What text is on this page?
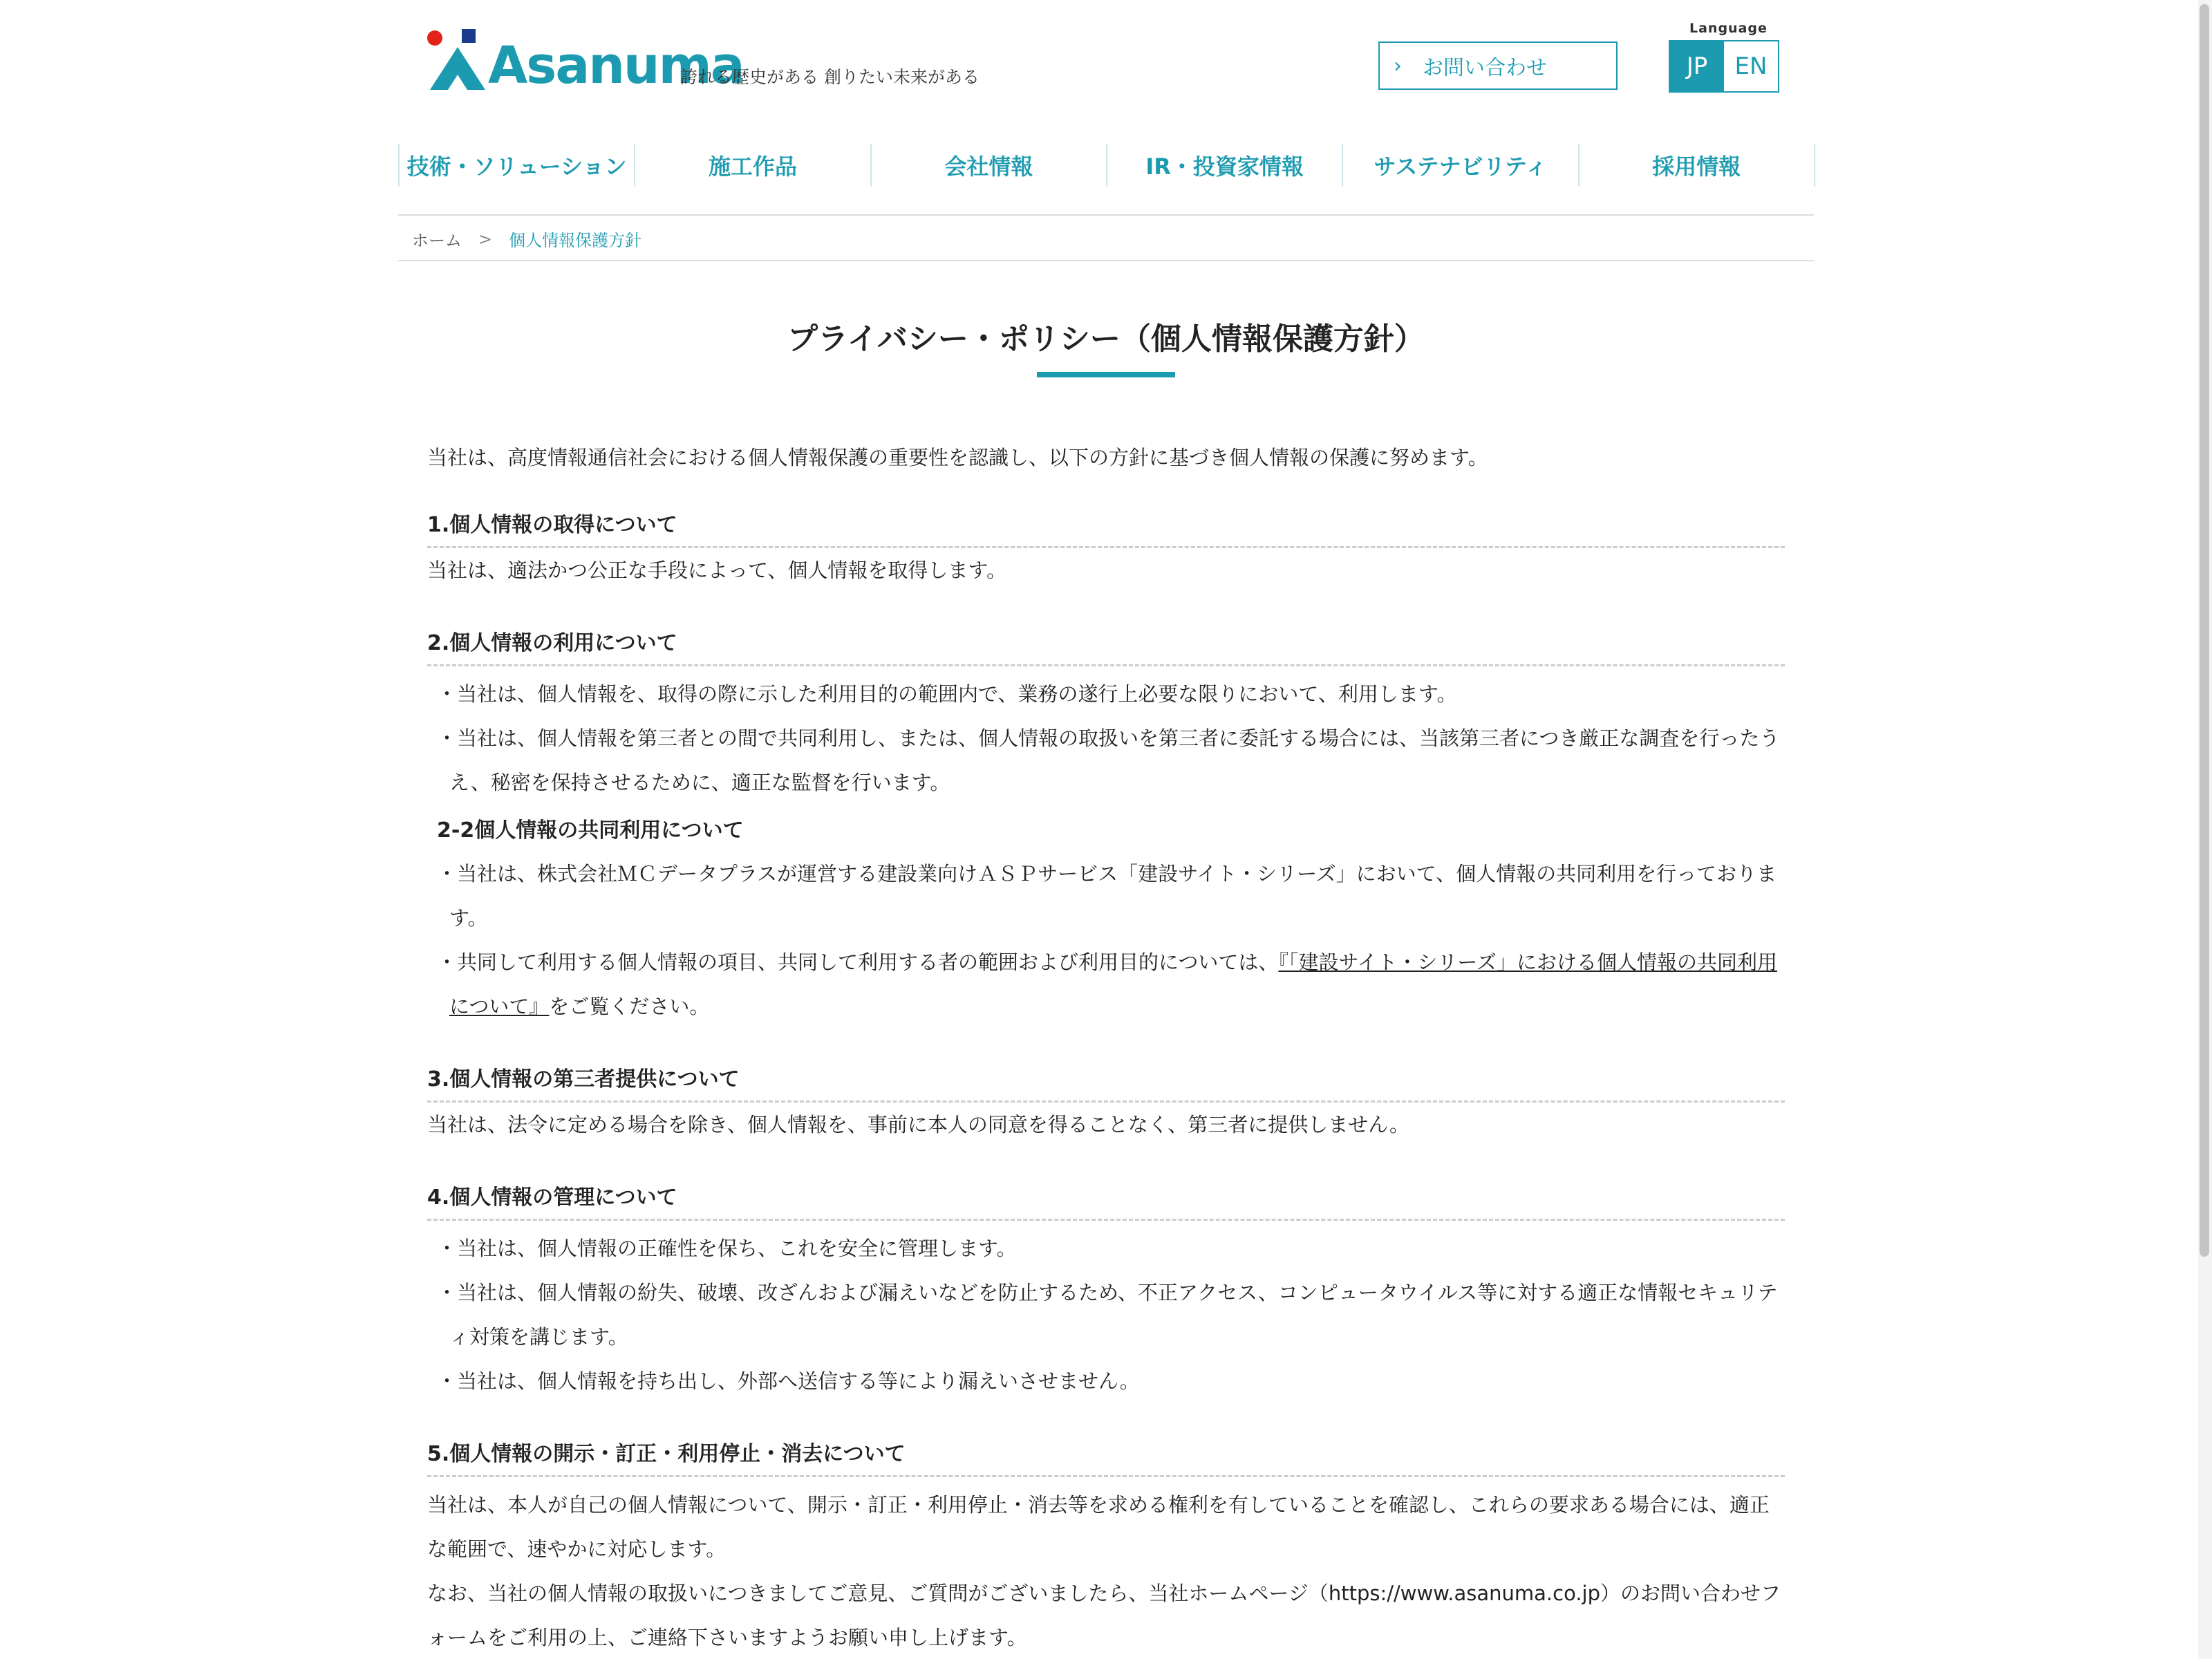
Asanuma
誇れる歴史がある 創りたい未来がある	› お問い合わせ
Language
JP	EN
技術・ソリューション	施工作品	会社情報	IR・投資家情報	サステナビリティ	採用情報
ホーム > 個人情報保護方針
プライバシー・ポリシー（個人情報保護方針）

当社は、高度情報通信社会における個人情報保護の重要性を認識し、以下の方針に基づき個人情報の保護に努めます。

1.個人情報の取得について

当社は、適法かつ公正な手段によって、個人情報を取得します。

2.個人情報の利用について

・当社は、個人情報を、取得の際に示した利用目的の範囲内で、業務の遂行上必要な限りにおいて、利用します。

・当社は、個人情報を第三者との間で共同利用し、または、個人情報の取扱いを第三者に委託する場合には、当該第三者につき厳正な調査を行ったうえ、秘密を保持させるために、適正な監督を行います。

2-2個人情報の共同利用について

・当社は、株式会社ＭＣデータプラスが運営する建設業向けＡＳＰサービス「建設サイト・シリーズ」において、個人情報の共同利用を行っております。

・共同して利用する個人情報の項目、共同して利用する者の範囲および利用目的については、『「建設サイト・シリーズ」における個人情報の共同利用について』をご覧ください。

3.個人情報の第三者提供について

当社は、法令に定める場合を除き、個人情報を、事前に本人の同意を得ることなく、第三者に提供しません。

4.個人情報の管理について

・当社は、個人情報の正確性を保ち、これを安全に管理します。

・当社は、個人情報の紛失、破壊、改ざんおよび漏えいなどを防止するため、不正アクセス、コンピュータウイルス等に対する適正な情報セキュリティ対策を講じます。

・当社は、個人情報を持ち出し、外部へ送信する等により漏えいさせません。

5.個人情報の開示・訂正・利用停止・消去について

当社は、本人が自己の個人情報について、開示・訂正・利用停止・消去等を求める権利を有していることを確認し、これらの要求ある場合には、適正な範囲で、速やかに対応します。

なお、当社の個人情報の取扱いにつきましてご意見、ご質問がございましたら、当社ホームページ（https://www.asanuma.co.jp）のお問い合わせフォームをご利用の上、ご連絡下さいますようお願い申し上げます。
